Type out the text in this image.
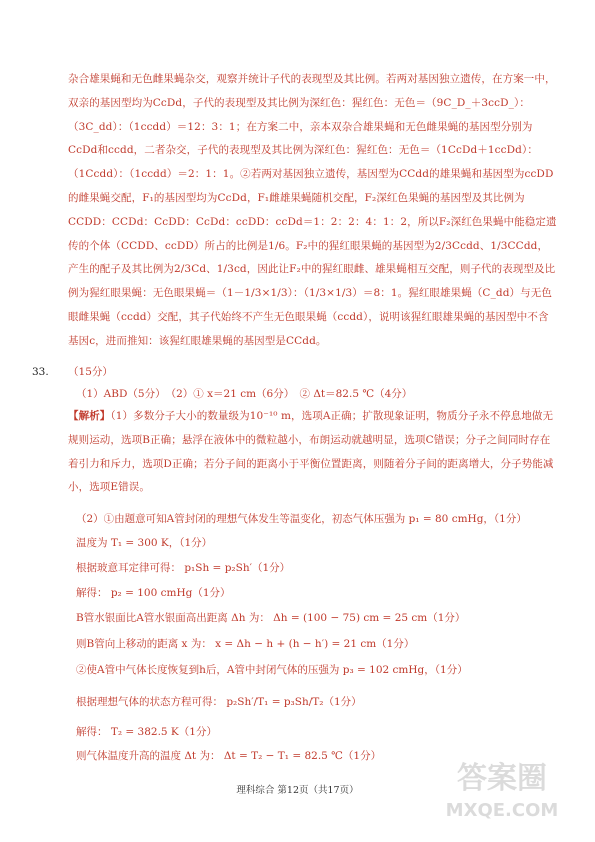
杂合雄果蝇和无色雌果蝇杂交，观察并统计子代的表现型及其比例。若两对基因独立遗传，在方案一中，双亲的基因型均为CcDd，子代的表现型及其比例为深红色：猩红色：无色＝（9C_D_＋3ccD_）：（3C_dd）：（1ccdd）＝12：3：1；在方案二中，亲本双杂合雄果蝇和无色雌果蝇的基因型分别为CcDd和ccdd，二者杂交，子代的表现型及其比例为深红色：猩红色：无色＝（1CcDd＋1ccDd）：（1Ccdd）：（1ccdd）＝2：1：1。②若两对基因独立遗传，基因型为CCdd的雄果蝇和基因型为ccDD的雌果蝇交配，F₁的基因型均为CcDd，F₁雌雄果蝇随机交配，F₂深红色果蝇的基因型及其比例为CCDD：CCDd：CcDD：CcDd：ccDD：ccDd＝1：2：2：4：1：2，所以F₂深红色果蝇中能稳定遗传的个体（CCDD、ccDD）所占的比例是1/6。F₂中的猩红眼果蝇的基因型为2/3Ccdd、1/3CCdd，产生的配子及其比例为2/3Cd、1/3cd，因此让F₂中的猩红眼雌、雄果蝇相互交配，则子代的表现型及比例为猩红眼果蝇：无色眼果蝇＝（1－1/3×1/3）：（1/3×1/3）＝8：1。猩红眼雄果蝇（C_dd）与无色眼雌果蝇（ccdd）交配，其子代始终不产生无色眼果蝇（ccdd），说明该猩红眼雄果蝇的基因型中不含基因c，进而推知：该猩红眼雄果蝇的基因型是CCdd。

33. （15分）
（1）ABD（5分）　（2）① x＝21 cm（6分）　② Δt＝82.5 ℃（4分）

【解析】（1）多数分子大小的数量级为10⁻¹⁰ m，选项A正确；扩散现象证明，物质分子永不停息地做无规则运动，选项B正确；悬浮在液体中的微粒越小，布朗运动就越明显，选项C错误；分子之间同时存在着引力和斥力，选项D正确；若分子间的距离小于平衡位置距离，则随着分子间的距离增大，分子势能减小，选项E错误。

（2）①由题意可知A管封闭的理想气体发生等温变化，初态气体压强为 p₁ = 80 cmHg，（1分）
温度为 T₁ = 300 K，（1分）
根据玻意耳定律可得： p₁Sh = p₂Sh′（1分）
解得： p₂ = 100 cmHg（1分）
B管水银面比A管水银面高出距离 Δh 为： Δh = (100 − 75) cm = 25 cm（1分）
则B管向上移动的距离 x 为： x = Δh − h + (h − h′) = 21 cm（1分）
②使A管中气体长度恢复到h后，A管中封闭气体的压强为 p₃ = 102 cmHg，（1分）
根据理想气体的状态方程可得： p₂Sh′/T₁ = p₃Sh/T₂（1分）
解得： T₂ = 382.5 K（1分）
则气体温度升高的温度 Δt 为： Δt = T₂ − T₁ = 82.5 ℃（1分）
理科综合 第12页（共17页）	答案圈
MXQE.COM
